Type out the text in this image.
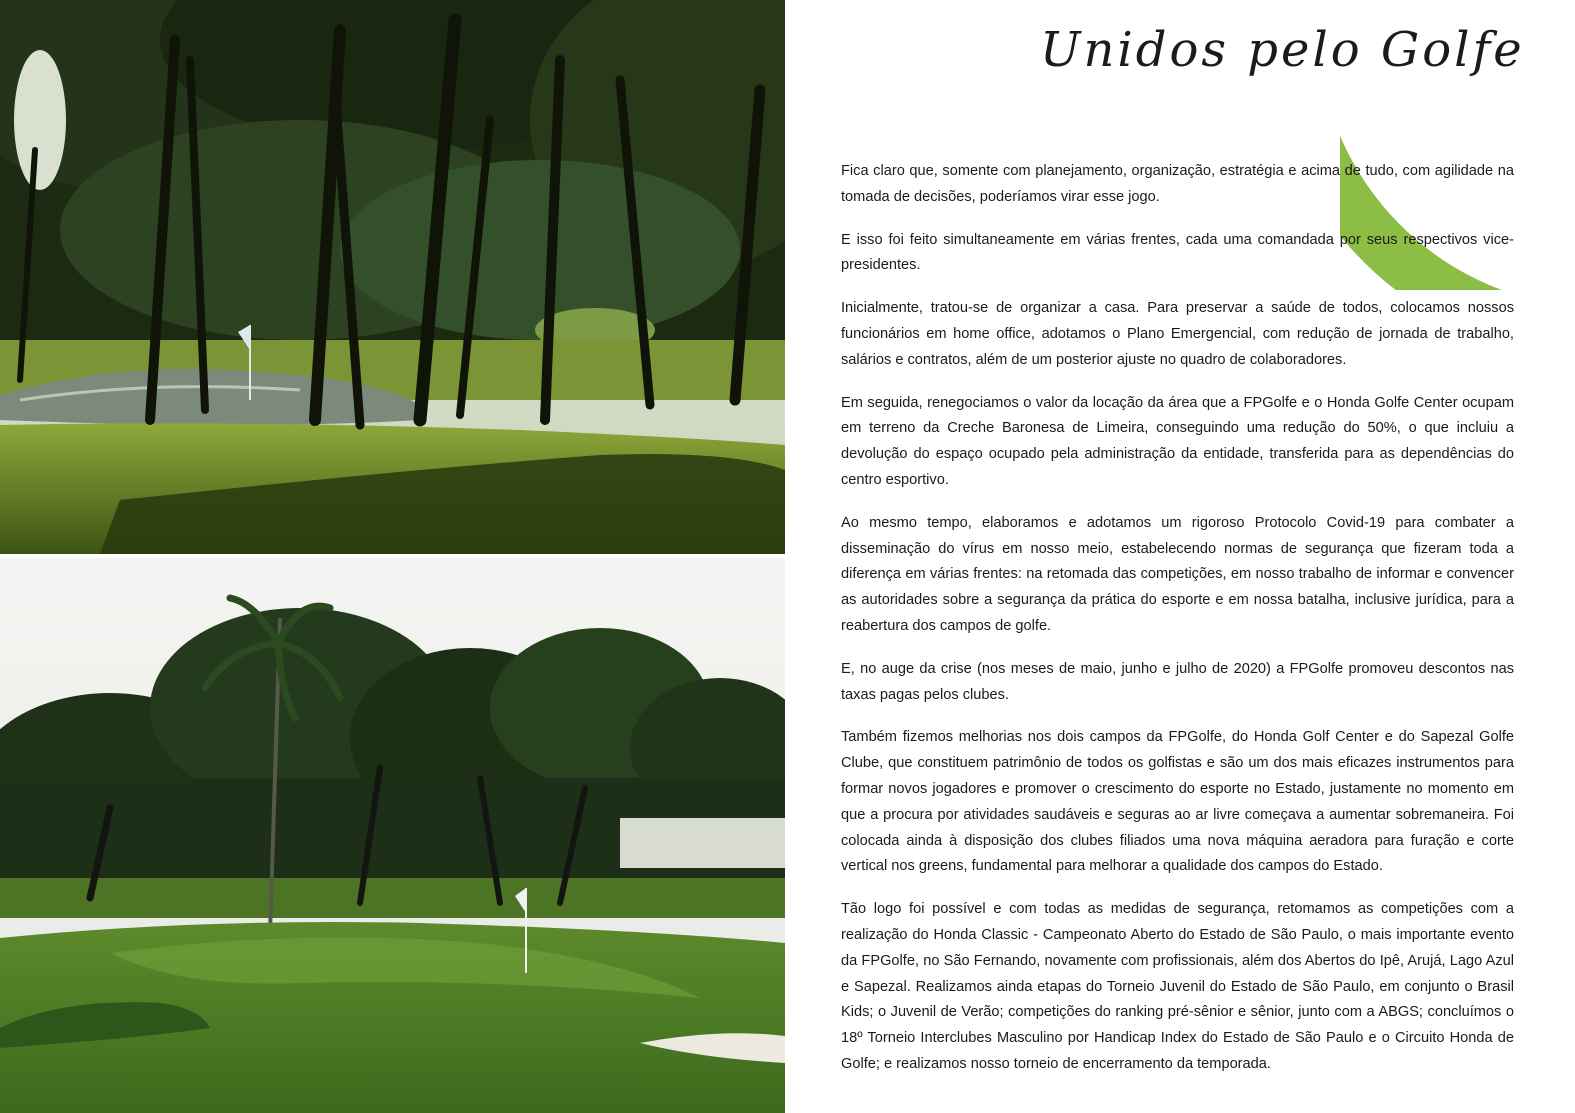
Unidos pelo Golfe

Fica claro que, somente com planejamento, organização, estratégia e acima de tudo, com agilidade na tomada de decisões, poderíamos virar esse jogo.

E isso foi feito simultaneamente em várias frentes, cada uma comandada por seus respectivos vice-presidentes.

Inicialmente, tratou-se de organizar a casa. Para preservar a saúde de todos, colocamos nossos funcionários em home office, adotamos o Plano Emergencial, com redução de jornada de trabalho, salários e contratos, além de um posterior ajuste no quadro de colaboradores.

Em seguida, renegociamos o valor da locação da área que a FPGolfe e o Honda Golfe Center ocupam em terreno da Creche Baronesa de Limeira, conseguindo uma redução do 50%, o que incluiu a devolução do espaço ocupado pela administração da entidade, transferida para as dependências do centro esportivo.

Ao mesmo tempo, elaboramos e adotamos um rigoroso Protocolo Covid-19 para combater a disseminação do vírus em nosso meio, estabelecendo normas de segurança que fizeram toda a diferença em várias frentes: na retomada das competições, em nosso trabalho de informar e convencer as autoridades sobre a segurança da prática do esporte e em nossa batalha, inclusive jurídica, para a reabertura dos campos de golfe.

E, no auge da crise (nos meses de maio, junho e julho de 2020) a FPGolfe promoveu descontos nas taxas pagas pelos clubes.

Também fizemos melhorias nos dois campos da FPGolfe, do Honda Golf Center e do Sapezal Golfe Clube, que constituem patrimônio de todos os golfistas e são um dos mais eficazes instrumentos para formar novos jogadores e promover o crescimento do esporte no Estado, justamente no momento em que a procura por atividades saudáveis e seguras ao ar livre começava a aumentar sobremaneira. Foi colocada ainda à disposição dos clubes filiados uma nova máquina aeradora para furação e corte vertical nos greens, fundamental para melhorar a qualidade dos campos do Estado.

Tão logo foi possível e com todas as medidas de segurança, retomamos as competições com a realização do Honda Classic - Campeonato Aberto do Estado de São Paulo, o mais importante evento da FPGolfe, no São Fernando, novamente com profissionais, além dos Abertos do Ipê, Arujá, Lago Azul e Sapezal. Realizamos ainda etapas do Torneio Juvenil do Estado de São Paulo, em conjunto o Brasil Kids; o Juvenil de Verão; competições do ranking pré-sênior e sênior, junto com a ABGS; concluímos o 18º Torneio Interclubes Masculino por Handicap Index do Estado de São Paulo e o Circuito Honda de Golfe; e realizamos nosso torneio de encerramento da temporada.
